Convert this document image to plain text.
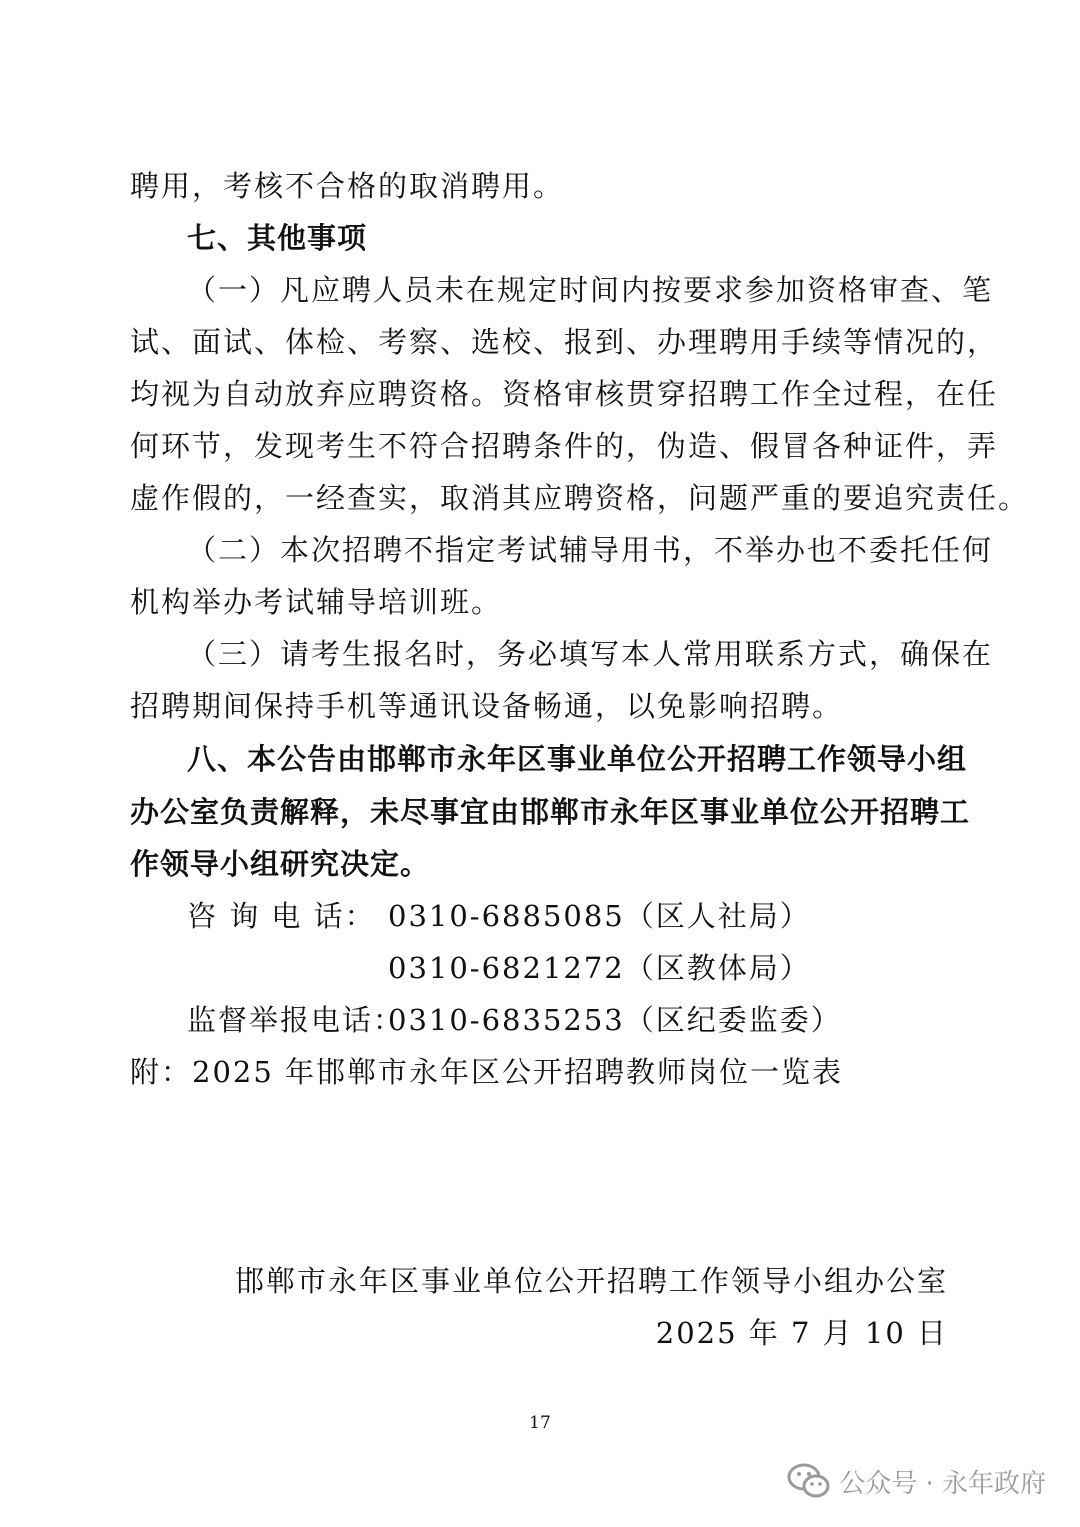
聘用，考核不合格的取消聘用。
七、其他事项
（一）凡应聘人员未在规定时间内按要求参加资格审查、笔
试、面试、体检、考察、选校、报到、办理聘用手续等情况的，
均视为自动放弃应聘资格。资格审核贯穿招聘工作全过程，在任
何环节，发现考生不符合招聘条件的，伪造、假冒各种证件，弄
虚作假的，一经查实，取消其应聘资格，问题严重的要追究责任。
（二）本次招聘不指定考试辅导用书，不举办也不委托任何
机构举办考试辅导培训班。
（三）请考生报名时，务必填写本人常用联系方式，确保在
招聘期间保持手机等通讯设备畅通，以免影响招聘。
八、本公告由邯郸市永年区事业单位公开招聘工作领导小组
办公室负责解释，未尽事宜由邯郸市永年区事业单位公开招聘工
作领导小组研究决定。
咨 询 电 话： 0310-6885085（区人社局）
0310-6821272（区教体局）
监督举报电话：
0310-6835253（区纪委监委）
附：2025 年邯郸市永年区公开招聘教师岗位一览表
邯郸市永年区事业单位公开招聘工作领导小组办公室
2025 年 7 月 10 日
17
公众号 · 永年政府
